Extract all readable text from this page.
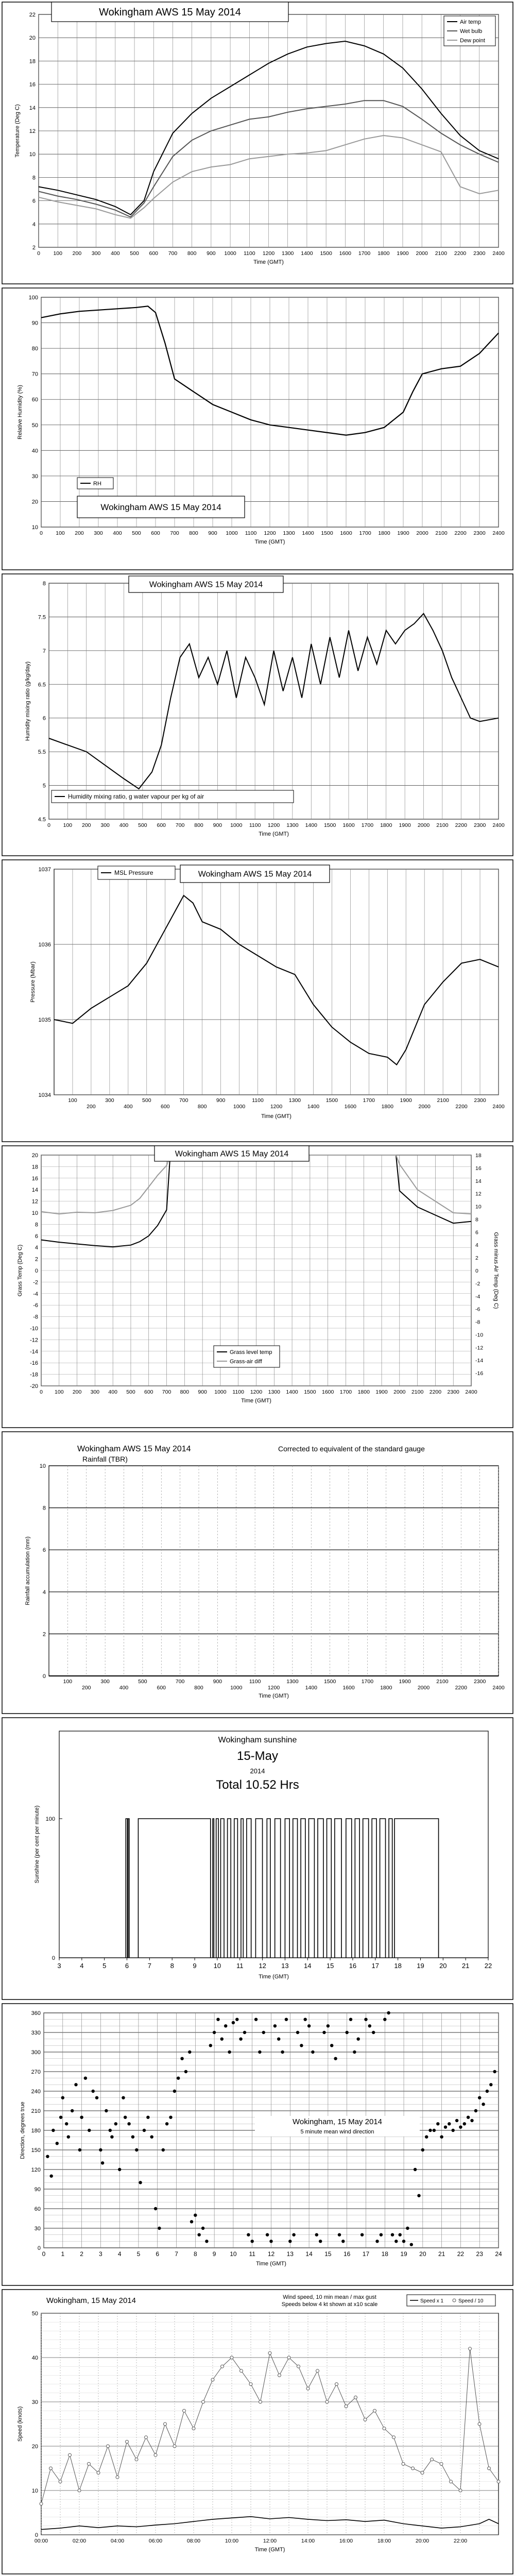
2
4
6
8
10
12
14
16
18
20
22
0 100 200 300 400 500 600 700 800 900 1000 1100 1200 1300 1400 1500 1600 1700 1800 1900 2000 2100 2200 2300 2400
Time (GMT)
Temperature (Deg C)
Wokingham AWS 15 May 2014
Air temp
Wet bulb
Dew point
10
20
30
40
50
60
70
80
90
100
0 100 200 300 400 500 600 700 800 900 1000 1100 1200 1300 1400 1500 1600 1700 1800 1900 2000 2100 2200 2300 2400
Time (GMT)
Relative Humidity (%)
RH
Wokingham AWS 15 May 2014
4.5
5
5.5
6
6.5
7
7.5
8
0 100 200 300 400 500 600 700 800 900 1000 1100 1200 1300 1400 1500 1600 1700 1800 1900 2000 2100 2200 2300 2400
Time (GMT)
Humidity mixing ratio (g/kg/day)
Wokingham AWS 15 May 2014
Humidity mixing ratio, g water vapour per kg of air
1034
1035
1036
1037
100
200
300
400
500
600
700
800
900
1000
1100
1200
1300
1400
1500
1600
1700
1800
1900
2000
2100
2200
2300
2400
Time (GMT)
Pressure (Mbar)
MSL Pressure	Wokingham AWS 15 May 2014
-20
-18
-16
-14
-12
-10
-8
-6
-4
-2
0
2
4
6
8
10
12
14
16
18
20
0 100 200 300 400 500 600 700 800 900 1000 1100 1200 1300 1400 1500 1600 1700 1800 1900 2000 2100 2200 2300 2400
-16
-14
-12
-10
-8
-6
-4
-2
0
2
4
6
8
10
12
14
16
18
Time (GMT)
Grass Temp (Deg C)	Grass minus Air Temp (Deg C)
Wokingham AWS 15 May 2014
Grass level temp
Grass-air diff
0
2
4
6
8
10
100
200
300
400
500
600
700
800
900
1000
1100
1200
1300
1400
1500
1600
1700
1800
1900
2000
2100
2200
2300
2400
Time (GMT)
Rainfall accumulation (mm)
Wokingham AWS 15 May 2014
Rainfall (TBR)
Corrected to equivalent of the standard gauge
0
100
3	4	5	6	7	8	9	10 11 12 13 14 15 16 17 18 19 20 21 22
Time (GMT)
Sunshine (per cent per minute)
Wokingham sunshine
15-May
2014
Total 10.52 Hrs
0
30
60
90
120
150
180
210
240
270
300
330
360
0	1	2	3	4	5	6	7	8	9 10 11 12 13 14 15 16 17 18 19 20 21 22 23 24
Time (GMT)
Direction, degrees true	Wokingham, 15 May 2014
5 minute mean wind direction
0
10
20
30
40
50
00:00	02:00	04:00	06:00	08:00	10:00	12:00	14:00	16:00	18:00	20:00	22:00
Time (GMT)
Speed (knots)
Wokingham, 15 May 2014	Wind speed, 10 min mean / max gust
Speeds below 4 kt shown at x10 scale
Speed x 1	Speed / 10
